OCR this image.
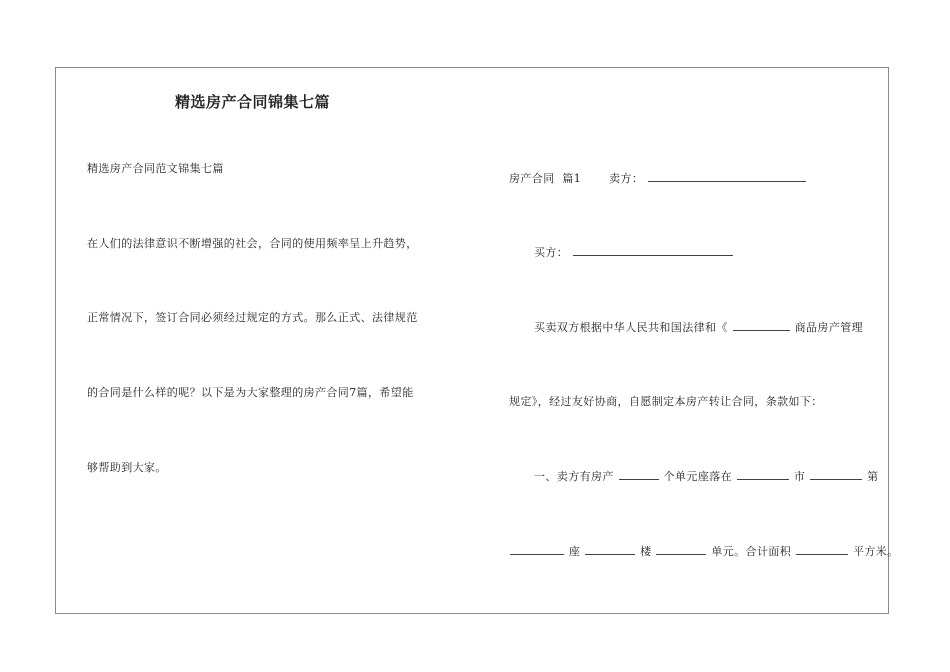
精选房产合同锦集七篇
精选房产合同范文锦集七篇
在人们的法律意识不断增强的社会，合同的使用频率呈上升趋势，
正常情况下，签订合同必须经过规定的方式。那么正式、法律规范
的合同是什么样的呢？以下是为大家整理的房产合同7篇，希望能
够帮助到大家。
房产合同  篇1	卖方：
买方：
买卖双方根据中华人民共和国法律和《	商品房产管理
规定》，经过友好协商，自愿制定本房产转让合同，条款如下：
一、卖方有房产	个单元座落在	市	第
座	楼	单元。合计面积	平方米。
